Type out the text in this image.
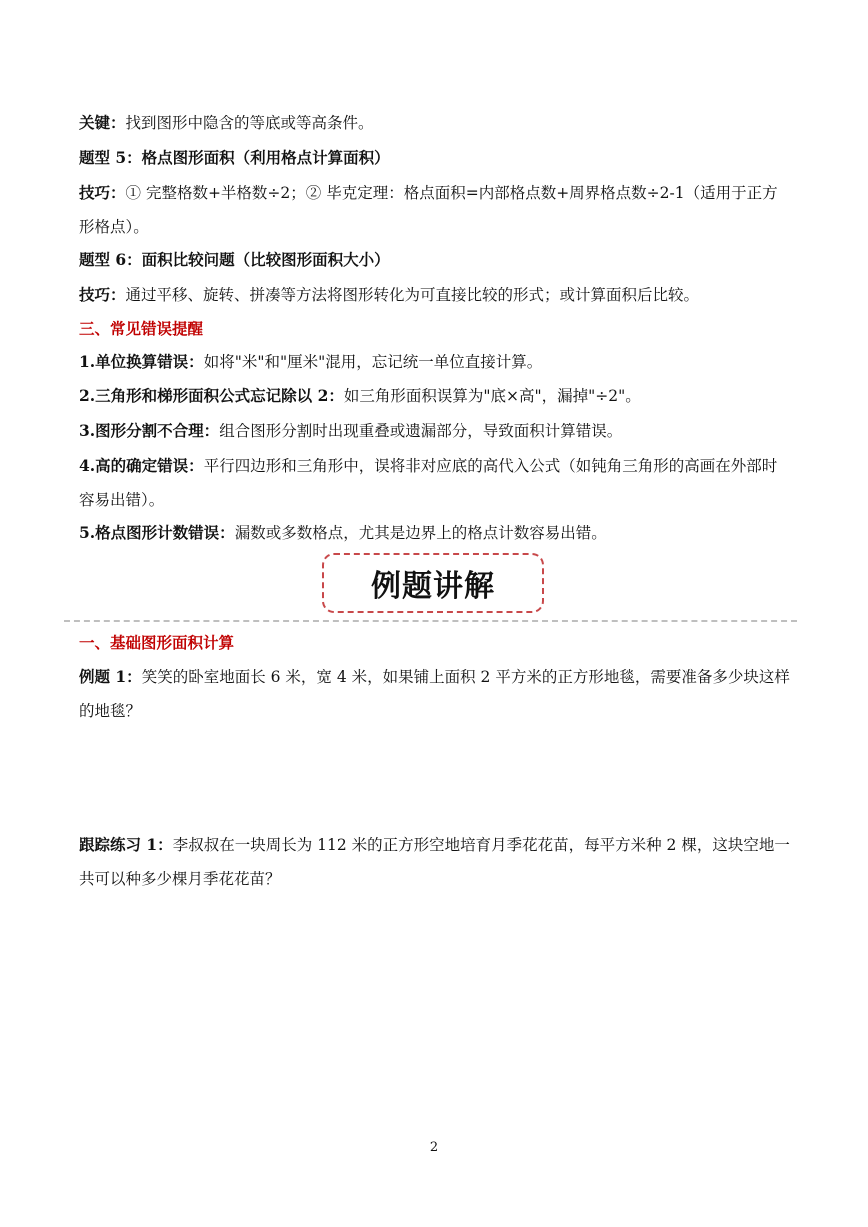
关键：找到图形中隐含的等底或等高条件。
题型 5：格点图形面积（利用格点计算面积）
技巧：① 完整格数+半格数÷2；② 毕克定理：格点面积=内部格点数+周界格点数÷2-1（适用于正方形格点）。
题型 6：面积比较问题（比较图形面积大小）
技巧：通过平移、旋转、拼凑等方法将图形转化为可直接比较的形式；或计算面积后比较。
三、常见错误提醒
1.单位换算错误：如将"米"和"厘米"混用，忘记统一单位直接计算。
2.三角形和梯形面积公式忘记除以 2：如三角形面积误算为"底×高"，漏掉"÷2"。
3.图形分割不合理：组合图形分割时出现重叠或遗漏部分，导致面积计算错误。
4.高的确定错误：平行四边形和三角形中，误将非对应底的高代入公式（如钝角三角形的高画在外部时容易出错）。
5.格点图形计数错误：漏数或多数格点，尤其是边界上的格点计数容易出错。
例题讲解
一、基础图形面积计算
例题 1：笑笑的卧室地面长 6 米，宽 4 米，如果铺上面积 2 平方米的正方形地毯，需要准备多少块这样的地毯？
跟踪练习 1：李叔叔在一块周长为 112 米的正方形空地培育月季花花苗，每平方米种 2 棵，这块空地一共可以种多少棵月季花花苗？
2
